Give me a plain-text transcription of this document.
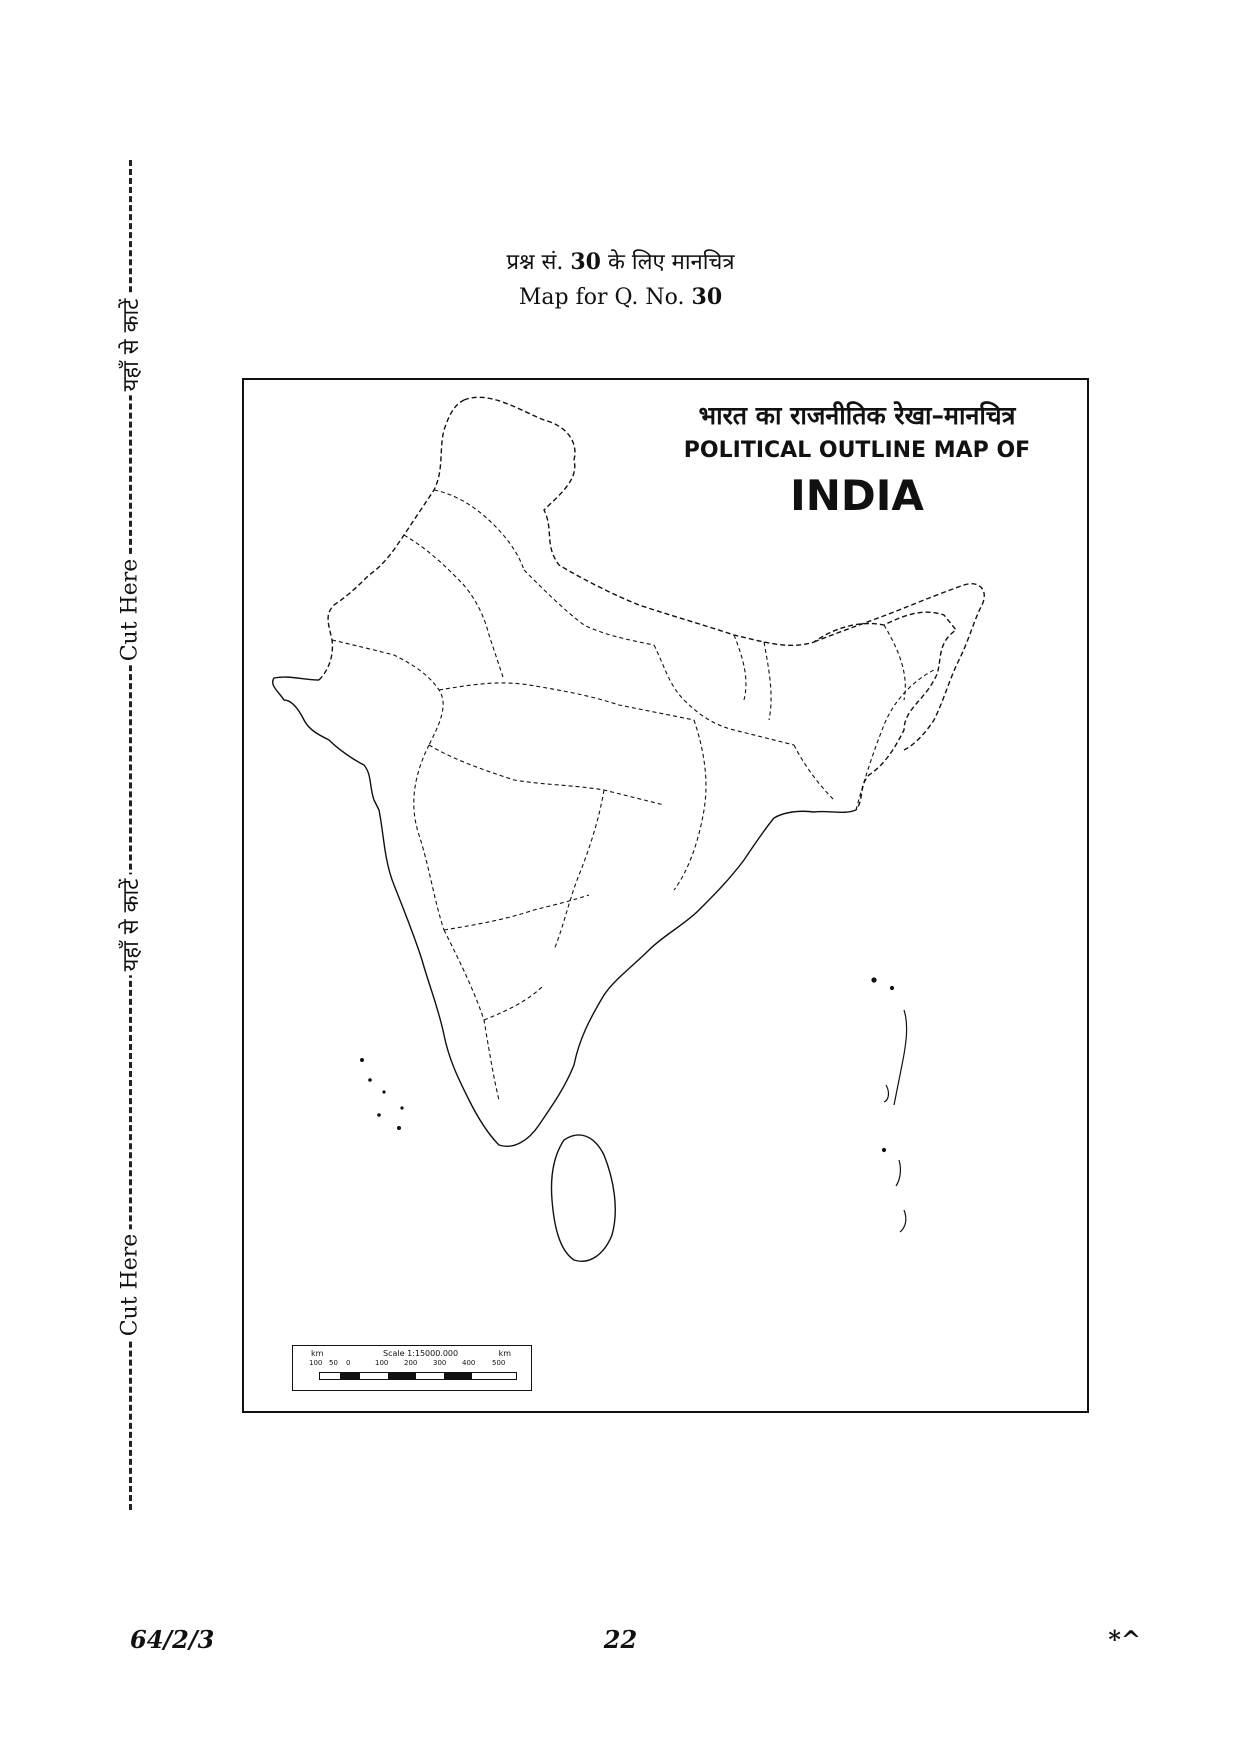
यहाँ से काटें
Cut Here
यहाँ से काटें
Cut Here
प्रश्न सं. 30 के लिए मानचित्र
Map for Q. No. 30
भारत का राजनीतिक रेखा–मानचित्र
POLITICAL OUTLINE MAP OF
INDIA
km	Scale 1:15000.000	km
100 50 0	100 200 300 400 500
64/2/3	22	*^
